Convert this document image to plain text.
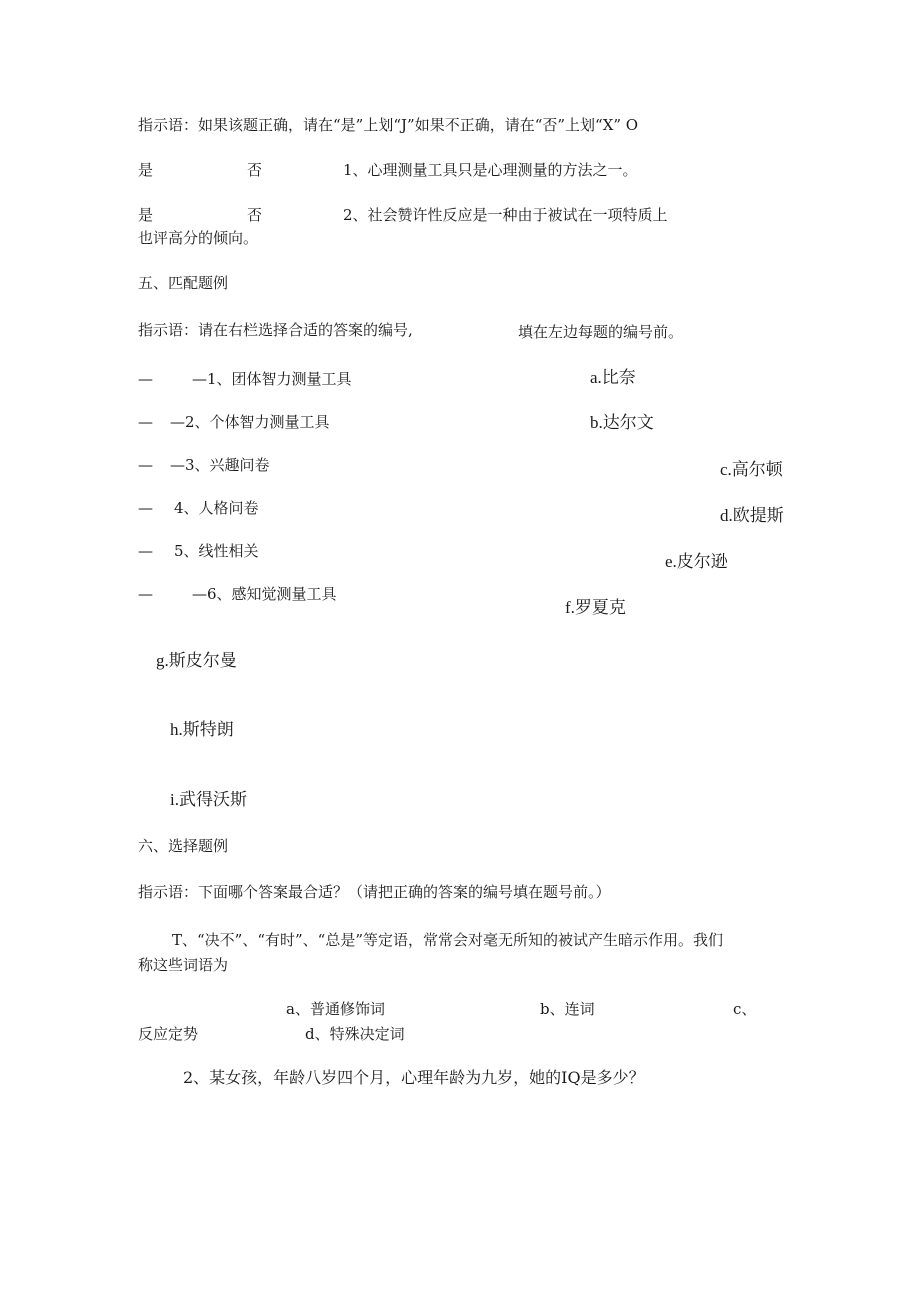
指示语：如果该题正确，请在“是”上划“J”如果不正确，请在“否”上划“X” O
是	否	1、心理测量工具只是心理测量的方法之一。
是	否	2、社会赞许性反应是一种由于被试在一项特质上
也评高分的倾向。
五、匹配题例
指示语：请在右栏选择合适的答案的编号,	填在左边每题的编号前。
—	—1、团体智力测量工具
— —2、个体智力测量工具
— —3、兴趣问卷
— 4、人格问卷
— 5、线性相关
—	—6、感知觉测量工具
a.比奈
b.达尔文
c.高尔顿
d.欧提斯
e.皮尔逊
f.罗夏克
g.斯皮尔曼
h.斯特朗
i.武得沃斯
六、选择题例
指示语：下面哪个答案最合适？（请把正确的答案的编号填在题号前。）
T、“决不”、“有时”、“总是”等定语，常常会对毫无所知的被试产生暗示作用。我们
称这些词语为
a、普通修饰词	b、连词	c、
反应定势	d、特殊决定词
2、某女孩，年龄八岁四个月，心理年龄为九岁，她的IQ是多少？
